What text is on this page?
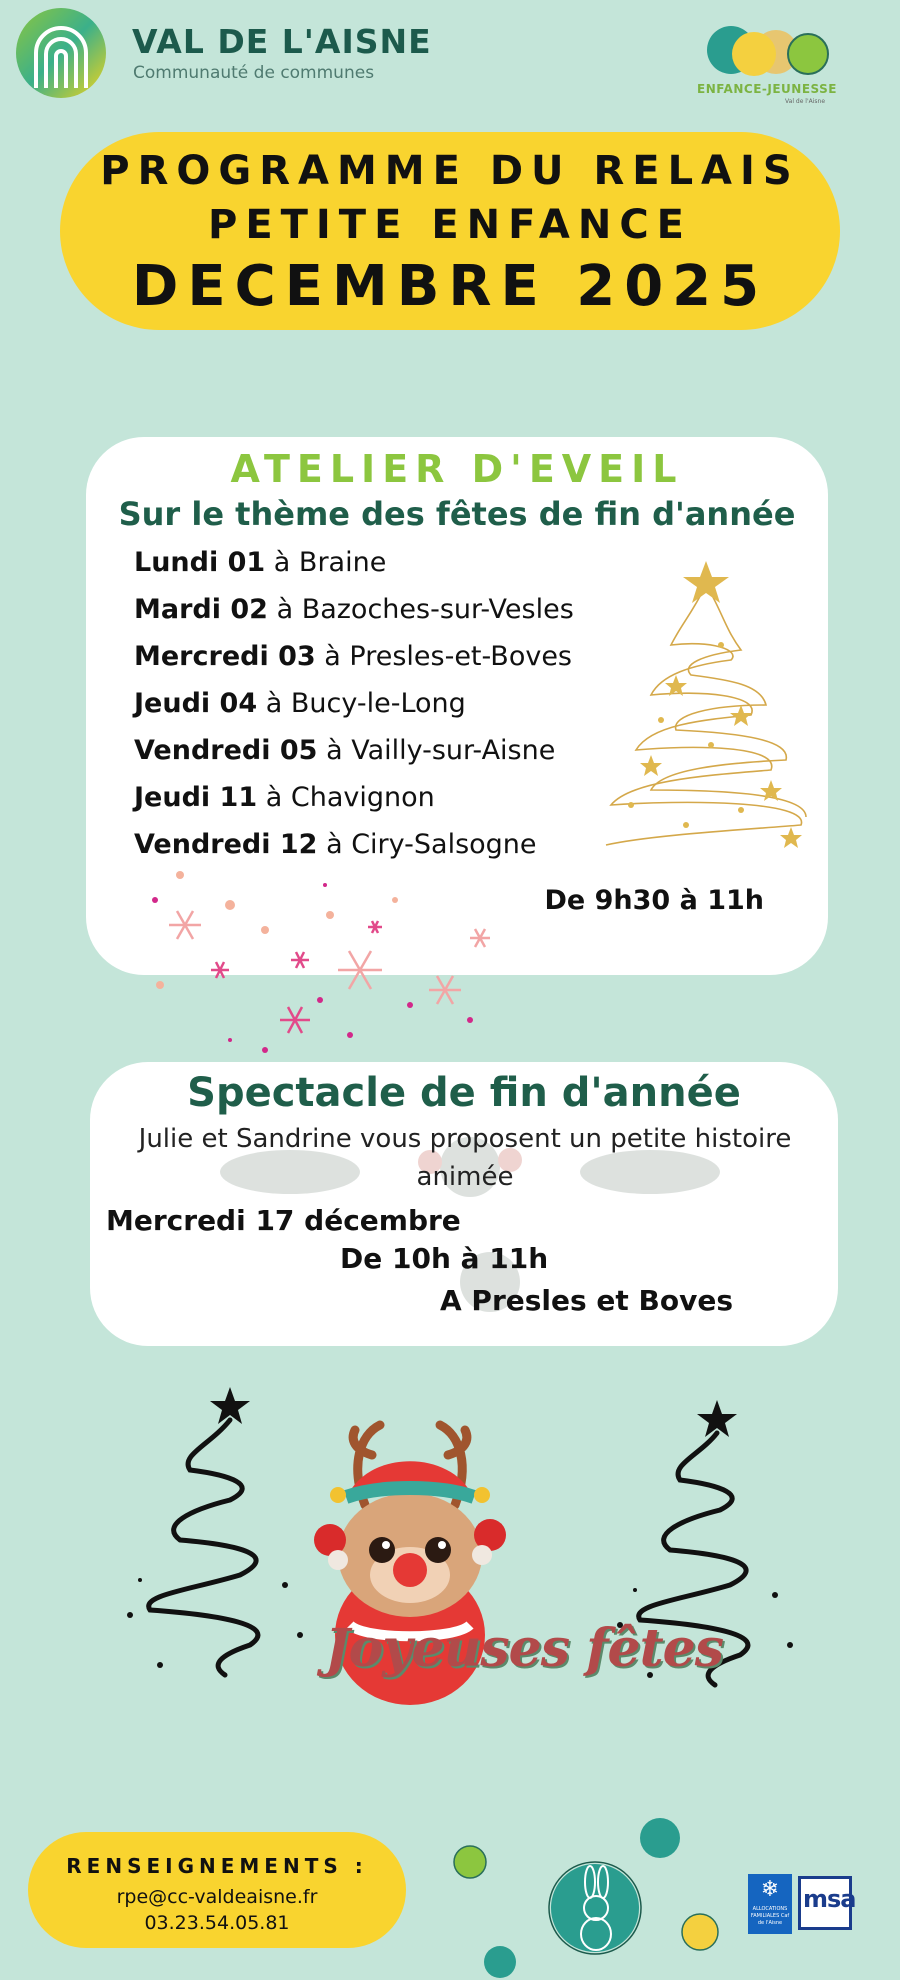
VAL DE L'AISNE
Communauté de communes
ENFANCE-JEUNESSE
Val de l'Aisne
PROGRAMME DU RELAIS
PETITE ENFANCE
DECEMBRE 2025
ATELIER D'EVEIL
Sur le thème des fêtes de fin d'année
Lundi 01 à Braine
Mardi 02 à Bazoches-sur-Vesles
Mercredi 03 à Presles-et-Boves
Jeudi 04 à Bucy-le-Long
Vendredi 05 à Vailly-sur-Aisne
Jeudi 11 à Chavignon
Vendredi 12 à Ciry-Salsogne
De 9h30 à 11h
Spectacle de fin d'année
Julie et Sandrine vous proposent un petite histoire animée
Mercredi 17 décembre
De 10h à 11h
A Presles et Boves
Joyeuses fêtes
RENSEIGNEMENTS :
rpe@cc-valdeaisne.fr
03.23.54.05.81
❄
ALLOCATIONS FAMILIALES Caf de l'Aisne
msa
